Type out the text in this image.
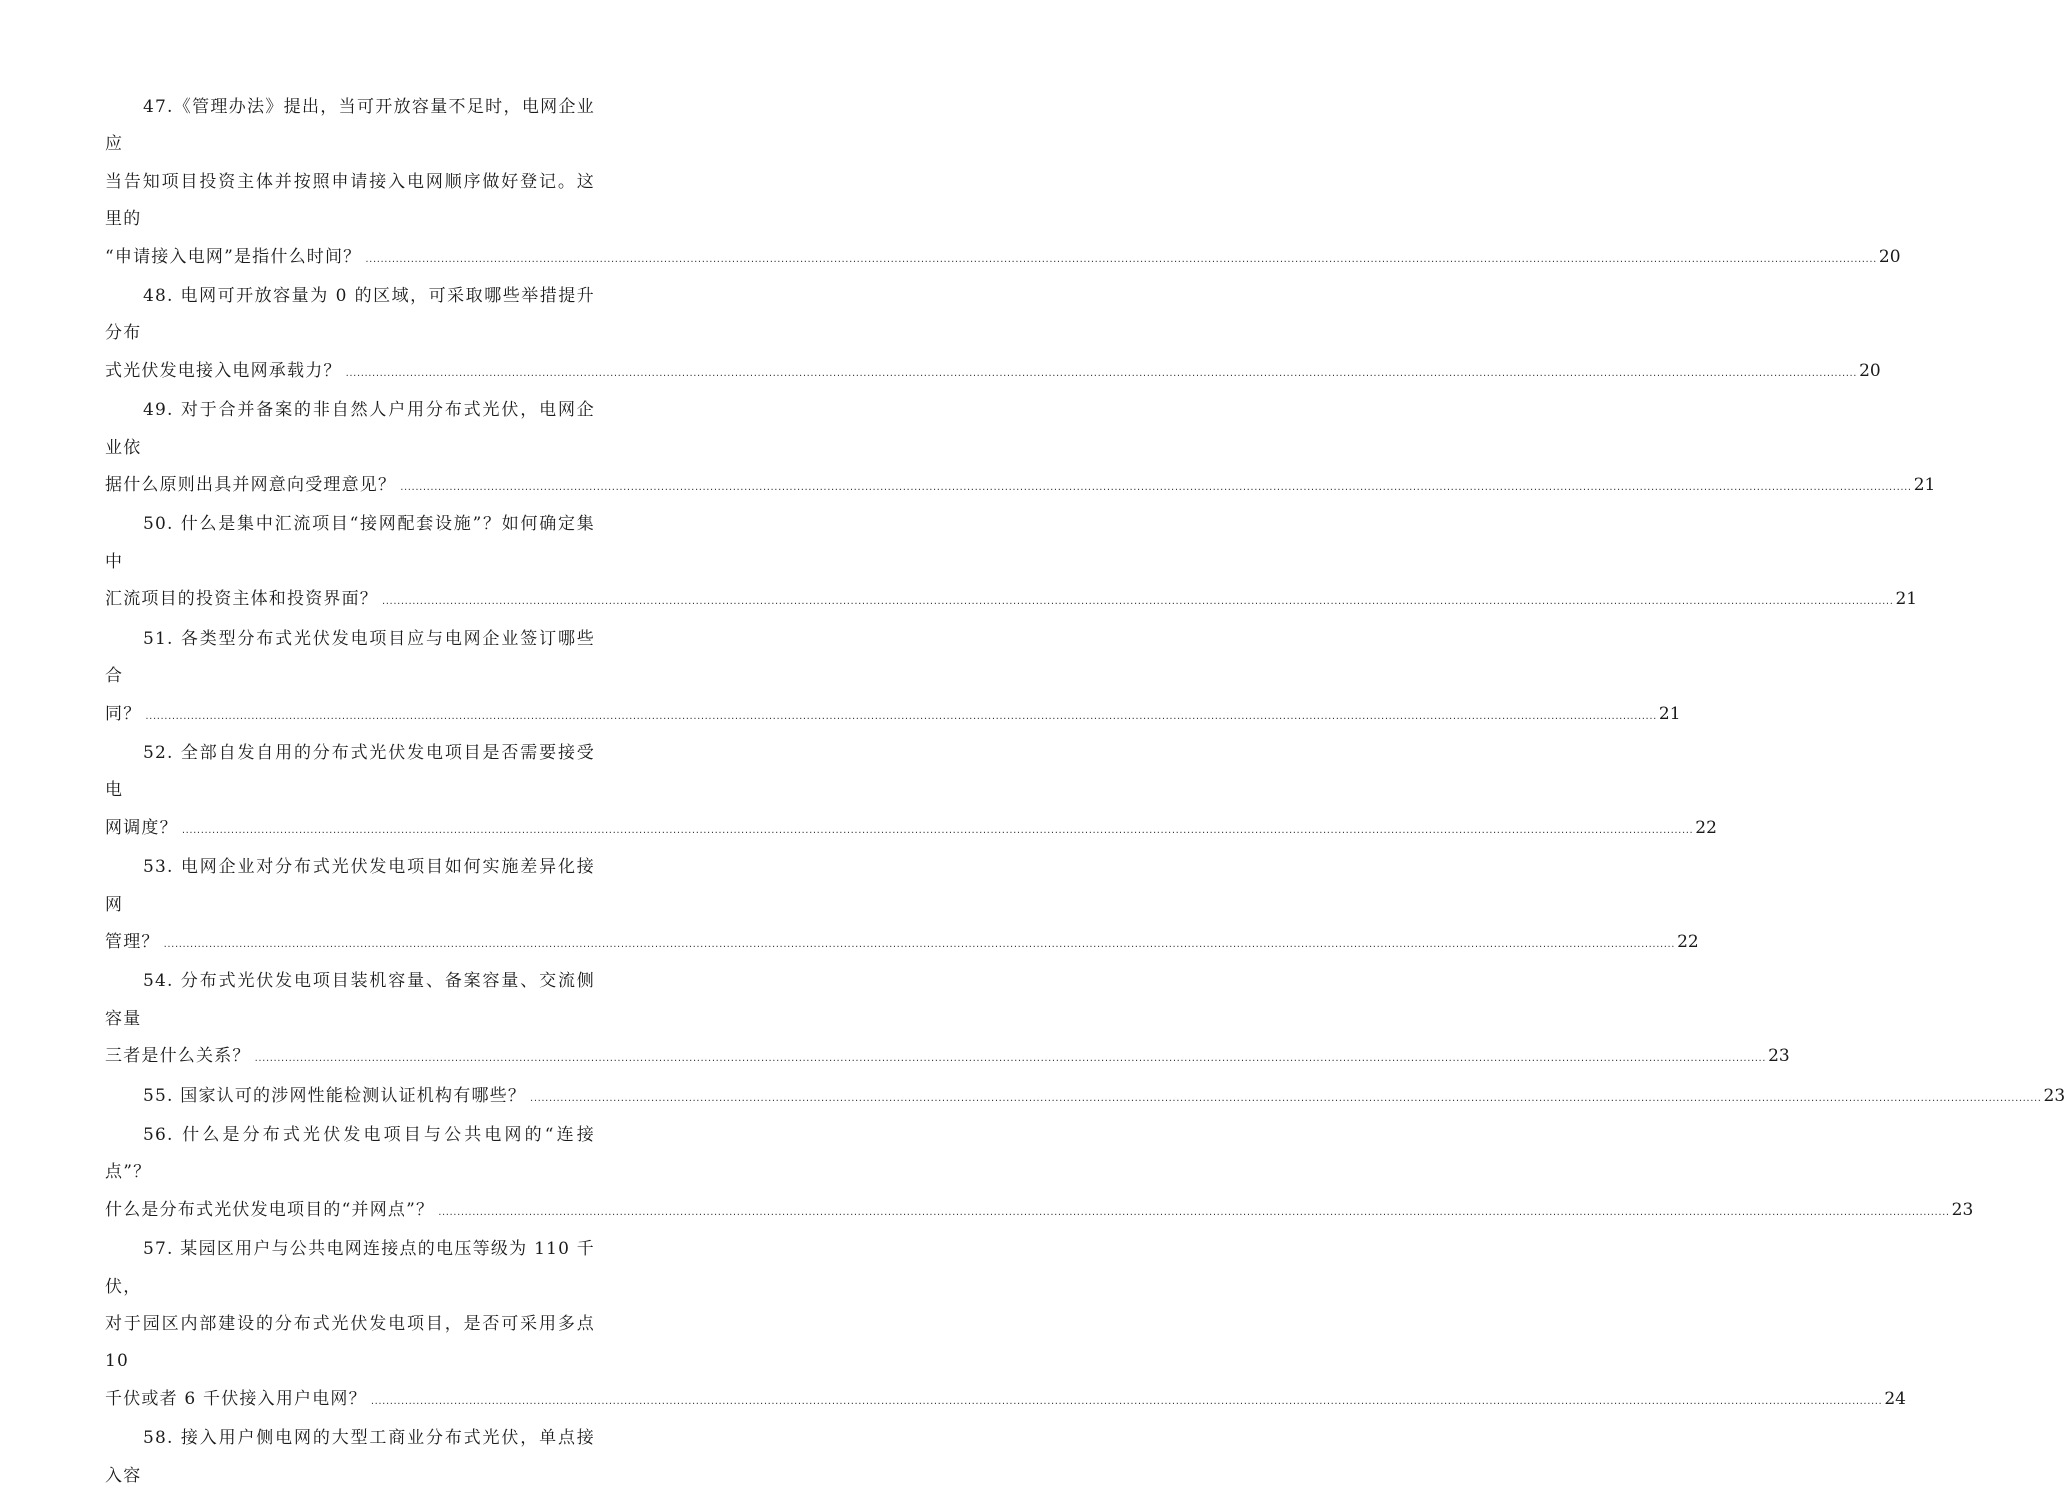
47.《管理办法》提出，当可开放容量不足时，电网企业应
当告知项目投资主体并按照申请接入电网顺序做好登记。这里的
“申请接入电网”是指什么时间？ ................................................................................................................................................................................................................................................................................................................................................................................................................ 20
48. 电网可开放容量为 0 的区域，可采取哪些举措提升分布
式光伏发电接入电网承载力？ ................................................................................................................................................................................................................................................................................................................................................................................................................ 20
49. 对于合并备案的非自然人户用分布式光伏，电网企业依
据什么原则出具并网意向受理意见？ ................................................................................................................................................................................................................................................................................................................................................................................................................ 21
50. 什么是集中汇流项目“接网配套设施”？如何确定集中
汇流项目的投资主体和投资界面？ ................................................................................................................................................................................................................................................................................................................................................................................................................ 21
51. 各类型分布式光伏发电项目应与电网企业签订哪些合
同？ ................................................................................................................................................................................................................................................................................................................................................................................................................ 21
52. 全部自发自用的分布式光伏发电项目是否需要接受电
网调度？ ................................................................................................................................................................................................................................................................................................................................................................................................................ 22
53. 电网企业对分布式光伏发电项目如何实施差异化接网
管理？ ................................................................................................................................................................................................................................................................................................................................................................................................................ 22
54. 分布式光伏发电项目装机容量、备案容量、交流侧容量
三者是什么关系？ ................................................................................................................................................................................................................................................................................................................................................................................................................ 23
55. 国家认可的涉网性能检测认证机构有哪些？ ................................................................................................................................................................................................................................................................................................................................................................................................................ 23
56. 什么是分布式光伏发电项目与公共电网的“连接点”？
什么是分布式光伏发电项目的“并网点”？ ................................................................................................................................................................................................................................................................................................................................................................................................................ 23
57. 某园区用户与公共电网连接点的电压等级为 110 千伏，
对于园区内部建设的分布式光伏发电项目，是否可采用多点 10
千伏或者 6 千伏接入用户电网？ ................................................................................................................................................................................................................................................................................................................................................................................................................ 24
58. 接入用户侧电网的大型工商业分布式光伏，单点接入容
